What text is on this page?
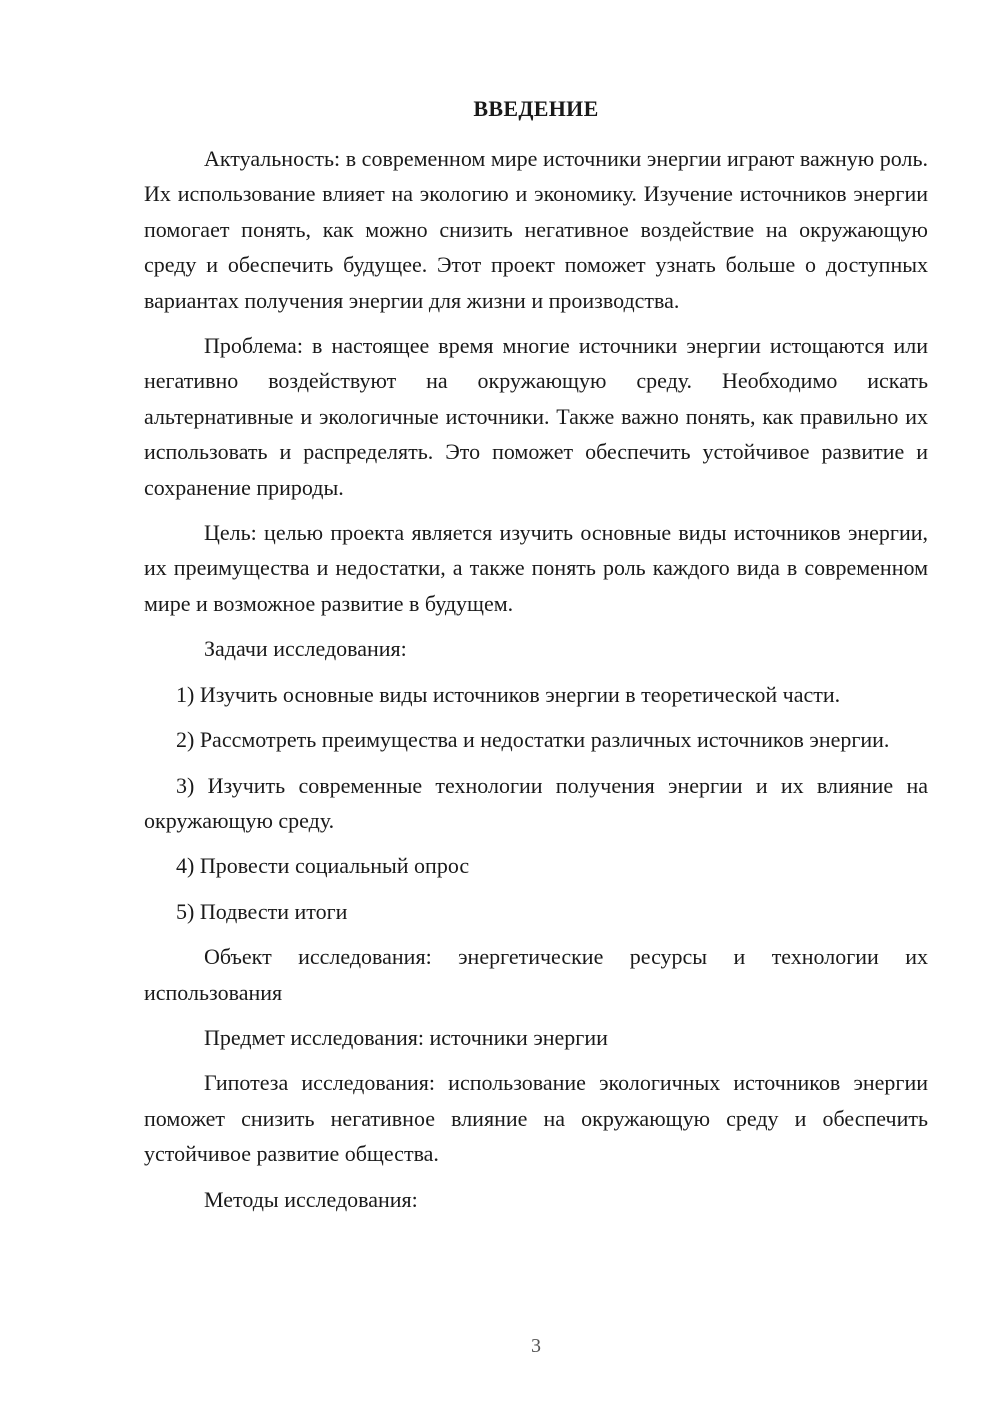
ВВЕДЕНИЕ

Актуальность: в современном мире источники энергии играют важную роль. Их использование влияет на экологию и экономику. Изучение источников энергии помогает понять, как можно снизить негативное воздействие на окружающую среду и обеспечить будущее. Этот проект поможет узнать больше о доступных вариантах получения энергии для жизни и производства.

Проблема: в настоящее время многие источники энергии истощаются или негативно воздействуют на окружающую среду. Необходимо искать альтернативные и экологичные источники. Также важно понять, как правильно их использовать и распределять. Это поможет обеспечить устойчивое развитие и сохранение природы.

Цель: целью проекта является изучить основные виды источников энергии, их преимущества и недостатки, а также понять роль каждого вида в современном мире и возможное развитие в будущем.

Задачи исследования:

1) Изучить основные виды источников энергии в теоретической части.

2) Рассмотреть преимущества и недостатки различных источников энергии.

3) Изучить современные технологии получения энергии и их влияние на окружающую среду.

4) Провести социальный опрос

5) Подвести итоги

Объект исследования: энергетические ресурсы и технологии их использования

Предмет исследования: источники энергии

Гипотеза исследования: использование экологичных источников энергии поможет снизить негативное влияние на окружающую среду и обеспечить устойчивое развитие общества.

Методы исследования:

3
